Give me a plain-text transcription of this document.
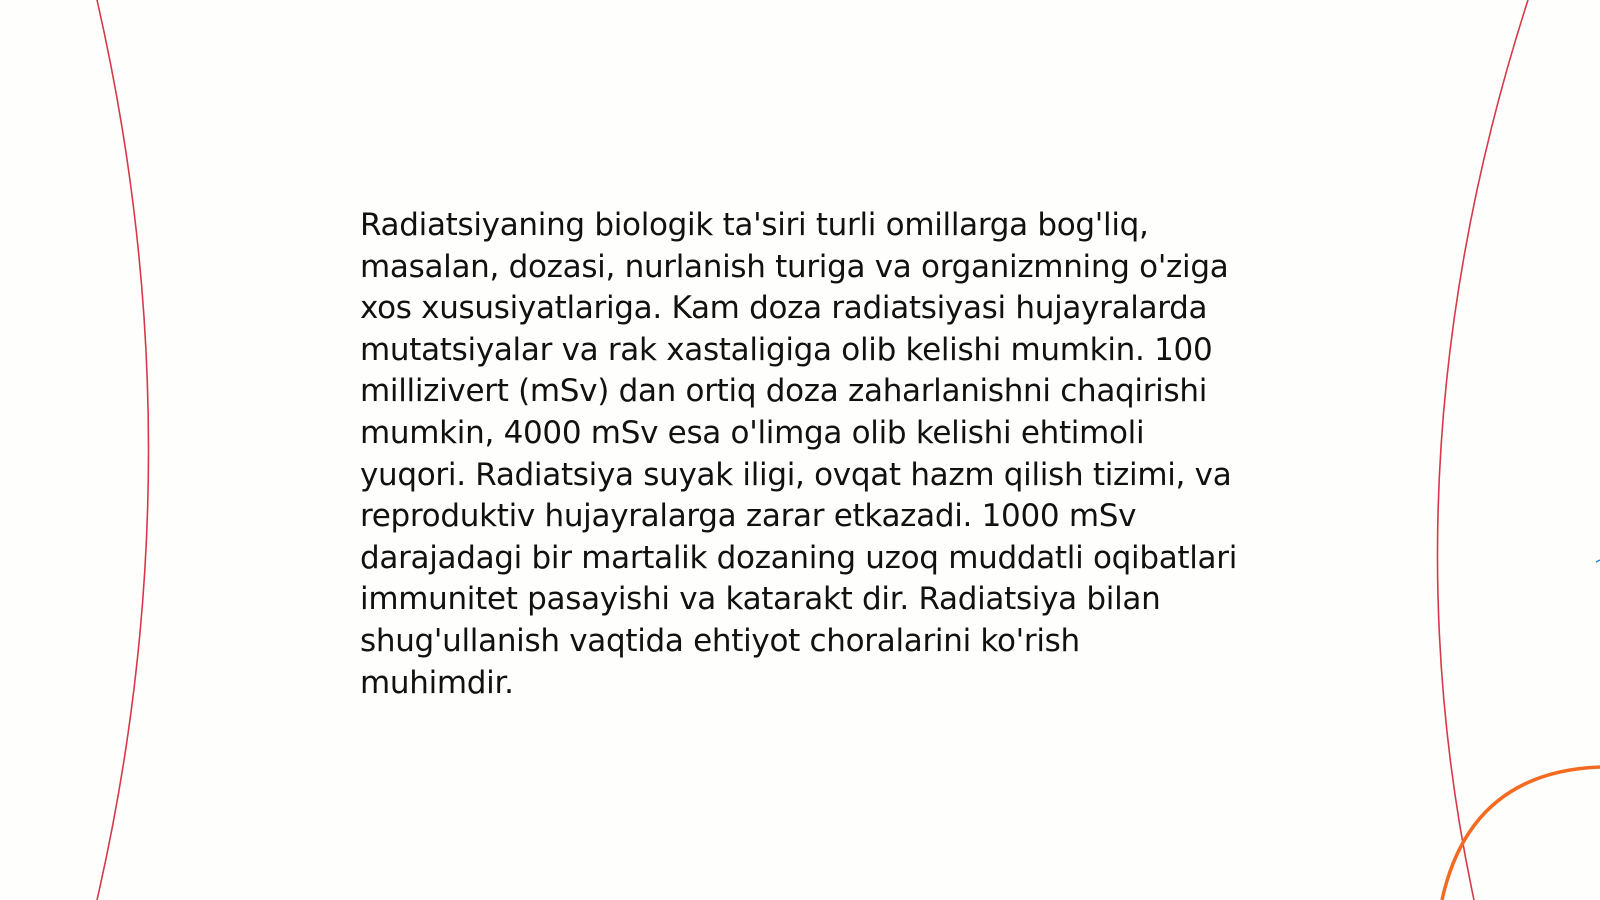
Radiatsiyaning biologik ta'siri turli omillarga bog'liq, masalan, dozasi, nurlanish turiga va organizmning o'ziga xos xususiyatlariga. Kam doza radiatsiyasi hujayralarda mutatsiyalar va rak xastaligiga olib kelishi mumkin. 100 millizivert (mSv) dan ortiq doza zaharlanishni chaqirishi mumkin, 4000 mSv esa o'limga olib kelishi ehtimoli yuqori. Radiatsiya suyak iligi, ovqat hazm qilish tizimi, va reproduktiv hujayralarga zarar etkazadi. 1000 mSv darajadagi bir martalik dozaning uzoq muddatli oqibatlari immunitet pasayishi va katarakt dir. Radiatsiya bilan shug'ullanish vaqtida ehtiyot choralarini ko'rish muhimdir.
